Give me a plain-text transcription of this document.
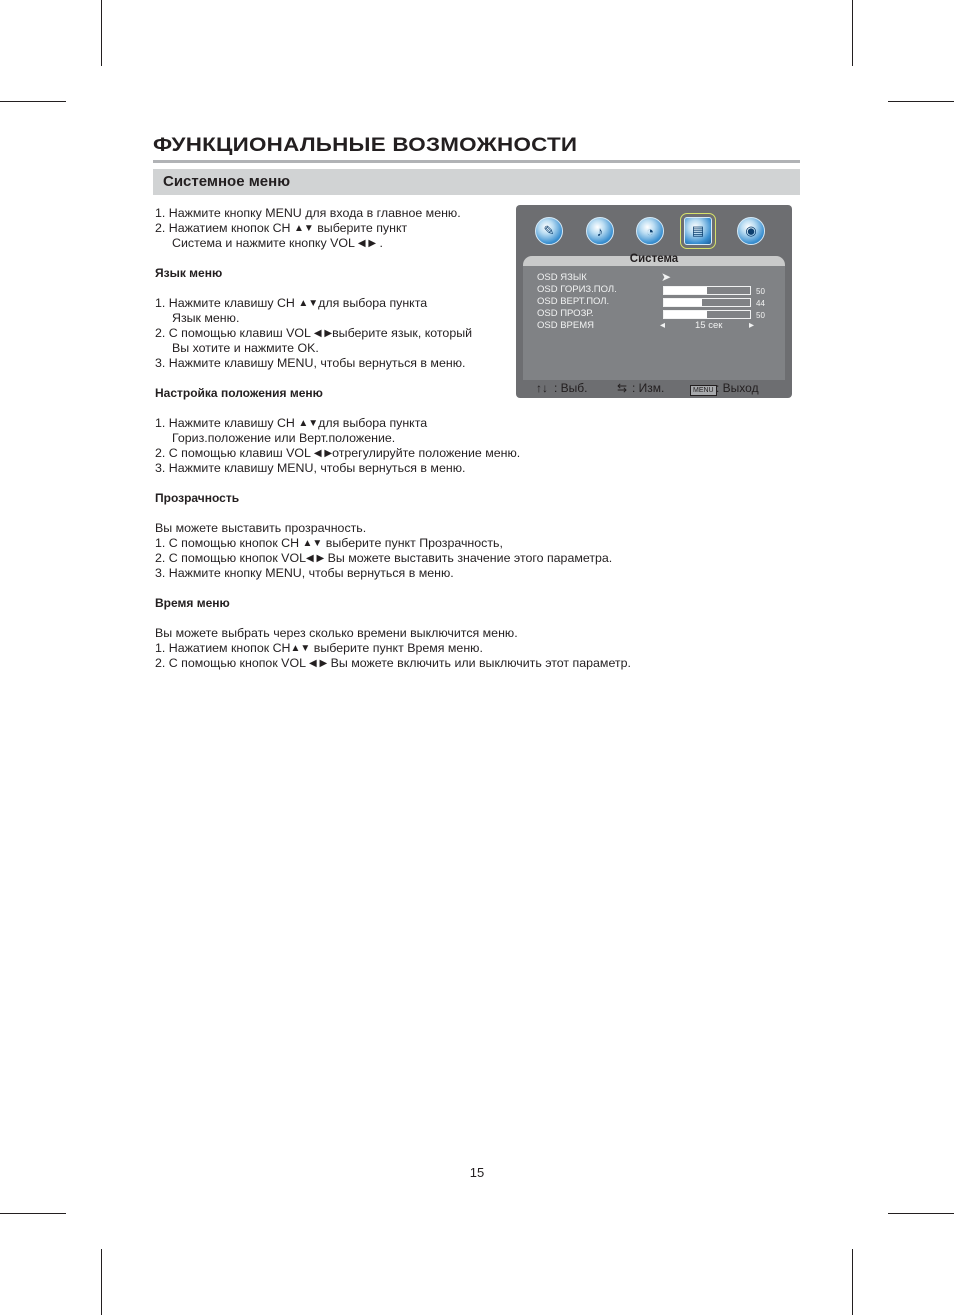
ФУНКЦИОНАЛЬНЫЕ ВОЗМОЖНОСТИ
Системное меню
1. Нажмите кнопку MENU для входа в главное меню.
2. Нажатием кнопок CH ▲▼ выберите пункт
Система и нажмите кнопку VOL ◀ ▶ .
Язык меню
1. Нажмите клавишу CH ▲▼для выбора пункта
Язык меню.
2. С помощью клавиш VOL ◀ ▶выберите язык, который
Вы хотите и нажмите OK.
3. Нажмите клавишу MENU, чтобы вернуться в меню.
Настройка положения меню
1. Нажмите клавишу CH ▲▼для выбора пункта
Гориз.положение или Верт.положение.
2. С помощью клавиш VOL ◀ ▶отрегулируйте положение меню.
3. Нажмите клавишу MENU, чтобы вернуться в меню.
Прозрачность
Вы можете выставить прозрачность.
1. С помощью кнопок CH ▲▼ выберите пункт Прозрачность,
2. С помощью кнопок VOL◀ ▶ Вы можете выставить значение этого параметра.
3. Нажмите кнопку MENU, чтобы вернуться в меню.
Время меню
Вы можете выбрать через сколько времени выключится меню.
1. Нажатием кнопок CH▲▼ выберите пункт Время меню.
2. С помощью кнопок VOL ◀ ▶ Вы можете включить или выключить этот параметр.
✎	♪	◔	▤	◉
Система
OSD ЯЗЫК	➤
OSD ГОРИЗ.ПОЛ.	50
OSD ВЕРТ.ПОЛ.	44
OSD ПРОЗР.	50
OSD ВРЕМЯ	◂	15 сек	▸
↑↓ : Выб. ⇆ : Изм.	MENU : Выход
15
